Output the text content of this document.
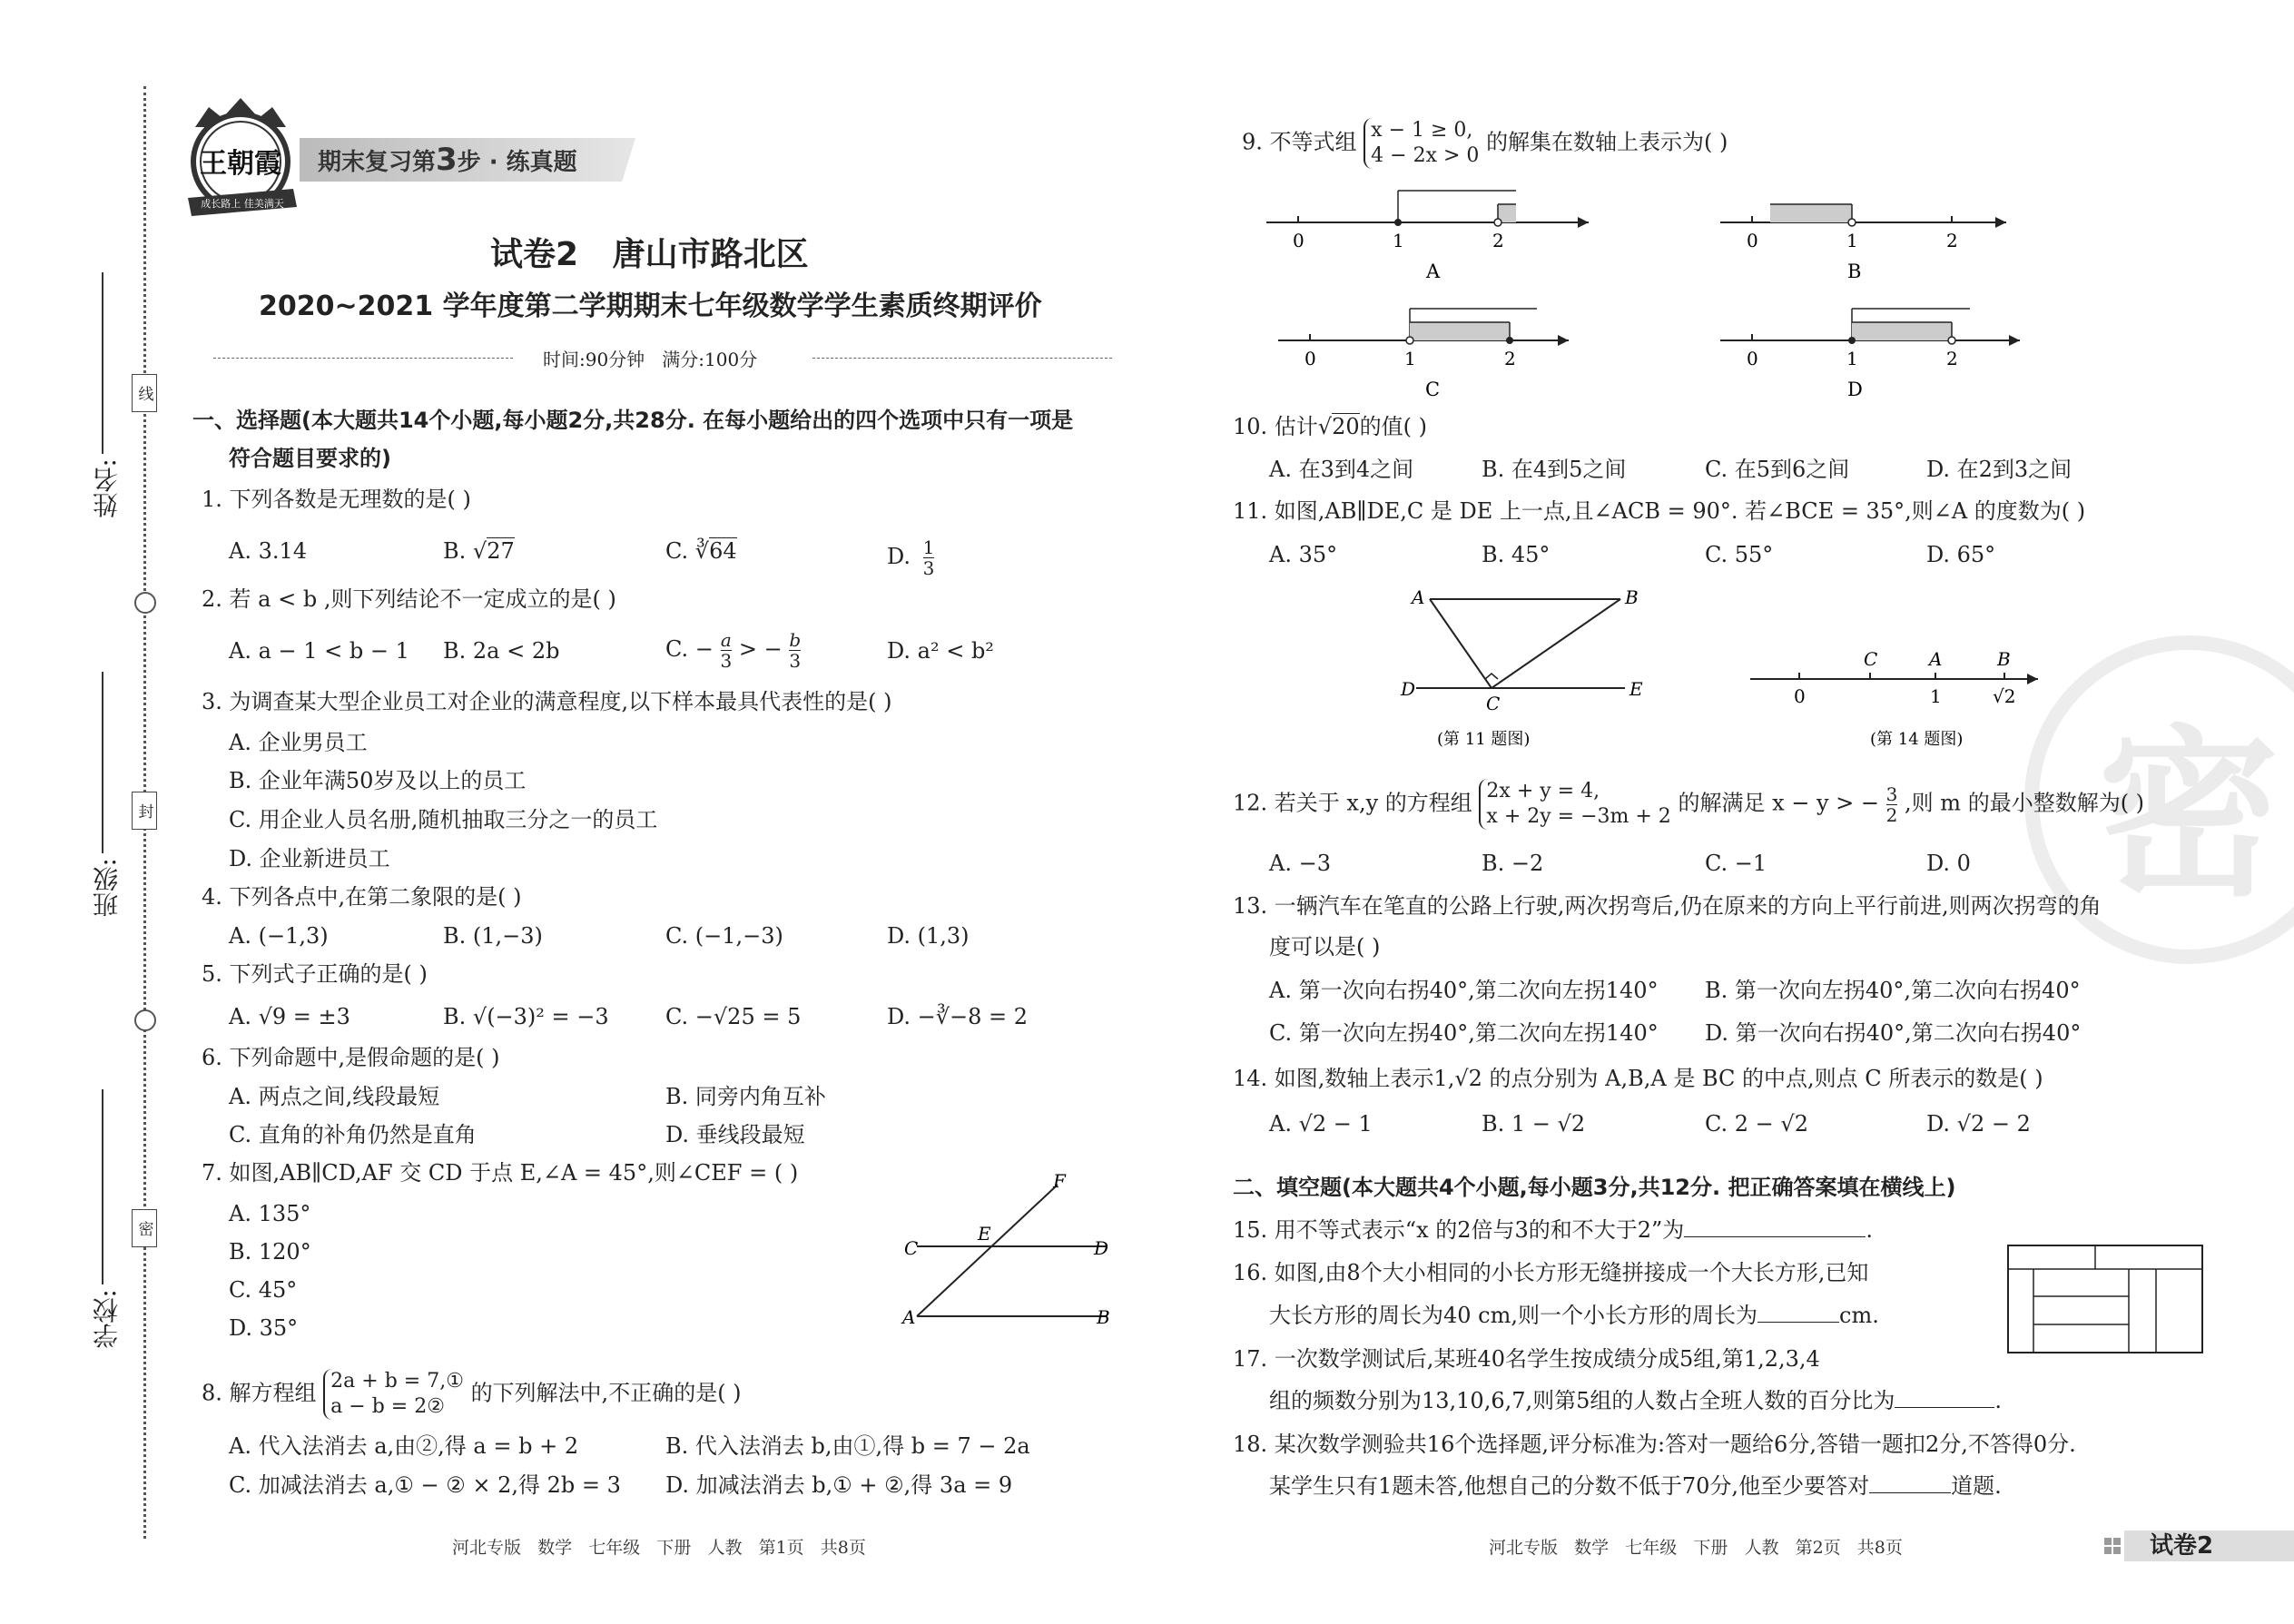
姓名:
班级:
学校:
线
封
密
王朝霞
成长路上 佳美满天
期末复习第3步 · 练真题
试卷2   唐山市路北区
2020~2021 学年度第二学期期末七年级数学学生素质终期评价
时间:90分钟   满分:100分
一、选择题(本大题共14个小题,每小题2分,共28分. 在每小题给出的四个选项中只有一项是
符合题目要求的)
1. 下列各数是无理数的是( )
A. 3.14	B. √27	C. ∛64	D. $\frac{1}{3}$
2. 若 a < b ,则下列结论不一定成立的是( )
A. a − 1 < b − 1 B. 2a < 2b	C. − $\frac{a}{3}$ > − $\frac{b}{3}$	D. a² < b²
3. 为调查某大型企业员工对企业的满意程度,以下样本最具代表性的是( )
A. 企业男员工
B. 企业年满50岁及以上的员工
C. 用企业人员名册,随机抽取三分之一的员工
D. 企业新进员工
4. 下列各点中,在第二象限的是( )
A. (−1,3)	B. (1,−3)	C. (−1,−3)	D. (1,3)
5. 下列式子正确的是( )
A. √9 = ±3	B. √(−3)² = −3	C. −√25 = 5	D. −∛−8 = 2
6. 下列命题中,是假命题的是( )
A. 两点之间,线段最短	B. 同旁内角互补
C. 直角的补角仍然是直角	D. 垂线段最短
7. 如图,AB∥CD,AF 交 CD 于点 E,∠A = 45°,则∠CEF = ( )
A. 135°
B. 120°
C. 45°
D. 35°
C
E
D
F
A	B
8. 解方程组 2a + b = 7,①
a − b = 2②
的下列解法中,不正确的是( )
A. 代入法消去 a,由②,得 a = b + 2	B. 代入法消去 b,由①,得 b = 7 − 2a
C. 加减法消去 a,① − ② × 2,得 2b = 3 D. 加减法消去 b,① + ②,得 3a = 9
河北专版   数学   七年级   下册   人教   第1页   共8页
9. 不等式组 x − 1 ≥ 0,
4 − 2x > 0
的解集在数轴上表示为( )
0	1	2
A
0	1	2
B
0	1	2
C
0	1	2
D
10. 估计√20的值( )
A. 在3到4之间	B. 在4到5之间	C. 在5到6之间	D. 在2到3之间
11. 如图,AB∥DE,C 是 DE 上一点,且∠ACB = 90°. 若∠BCE = 35°,则∠A 的度数为( )
A. 35°	B. 45°	C. 55°	D. 65°
A	B
D
C
E
(第 11 题图)
C	A	B
0	1	√2
(第 14 题图)
12. 若关于 x,y 的方程组 2x + y = 4,
x + 2y = −3m + 2
的解满足 x − y > − $\frac{3}{2}$ ,则 m 的最小整数解为( )
A. −3	B. −2	C. −1	D. 0
13. 一辆汽车在笔直的公路上行驶,两次拐弯后,仍在原来的方向上平行前进,则两次拐弯的角
度可以是( )
A. 第一次向右拐40°,第二次向左拐140° B. 第一次向左拐40°,第二次向右拐40°
C. 第一次向左拐40°,第二次向左拐140° D. 第一次向右拐40°,第二次向右拐40°
14. 如图,数轴上表示1,√2 的点分别为 A,B,A 是 BC 的中点,则点 C 所表示的数是( )
A. √2 − 1	B. 1 − √2	C. 2 − √2	D. √2 − 2
二、填空题(本大题共4个小题,每小题3分,共12分. 把正确答案填在横线上)
15. 用不等式表示“x 的2倍与3的和不大于2”为	.
16. 如图,由8个大小相同的小长方形无缝拼接成一个大长方形,已知
大长方形的周长为40 cm,则一个小长方形的周长为	cm.
17. 一次数学测试后,某班40名学生按成绩分成5组,第1,2,3,4
组的频数分别为13,10,6,7,则第5组的人数占全班人数的百分比为	.
18. 某次数学测验共16个选择题,评分标准为:答对一题给6分,答错一题扣2分,不答得0分.
某学生只有1题未答,他想自己的分数不低于70分,他至少要答对	道题.
河北专版   数学   七年级   下册   人教   第2页   共8页	试卷2
密
